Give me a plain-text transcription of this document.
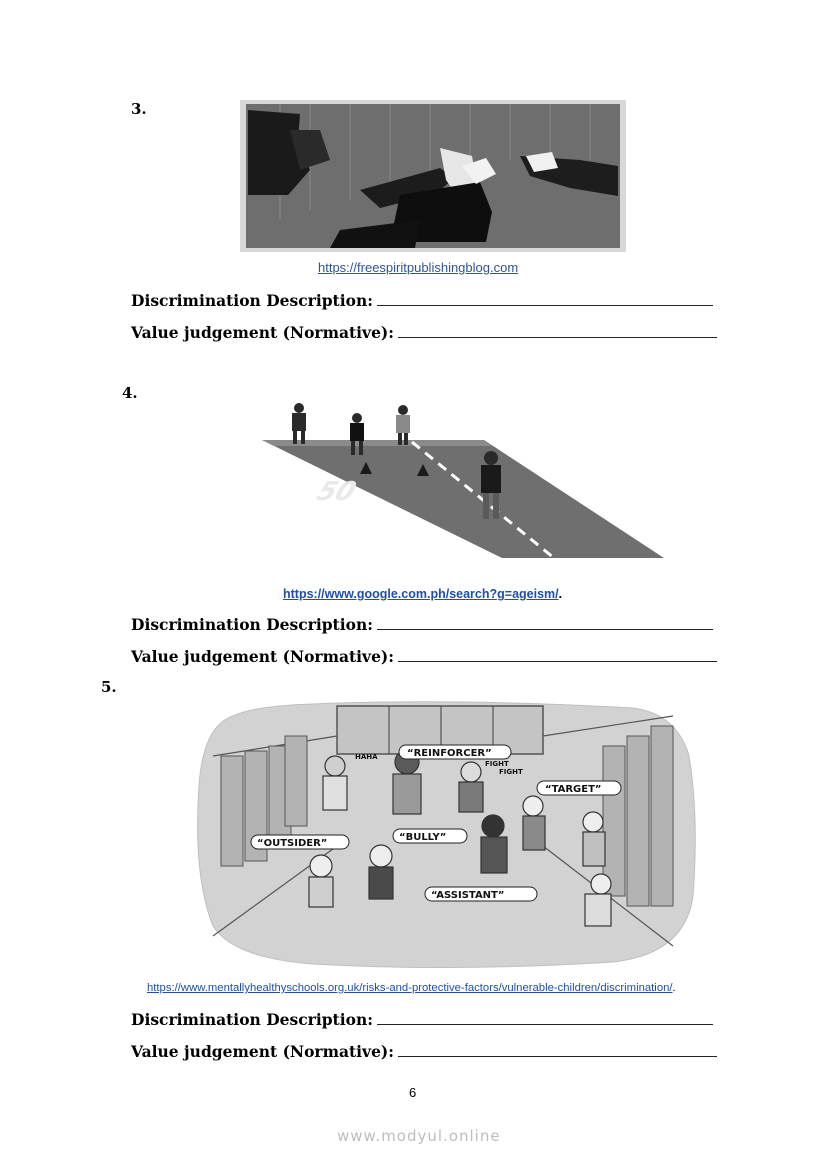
3.
https://freespiritpublishingblog.com
Discrimination Description:
Value judgement (Normative):
4.
50
https://www.google.com.ph/search?g=ageism/.
Discrimination Description:
Value judgement (Normative):
5.
“REINFORCER”
“TARGET”
“OUTSIDER”
“BULLY”
“ASSISTANT”
FIGHT
FIGHT
HAHA
https://www.mentallyhealthyschools.org.uk/risks-and-protective-factors/vulnerable-children/discrimination/.
Discrimination Description:
Value judgement (Normative):
6
www.modyul.online
